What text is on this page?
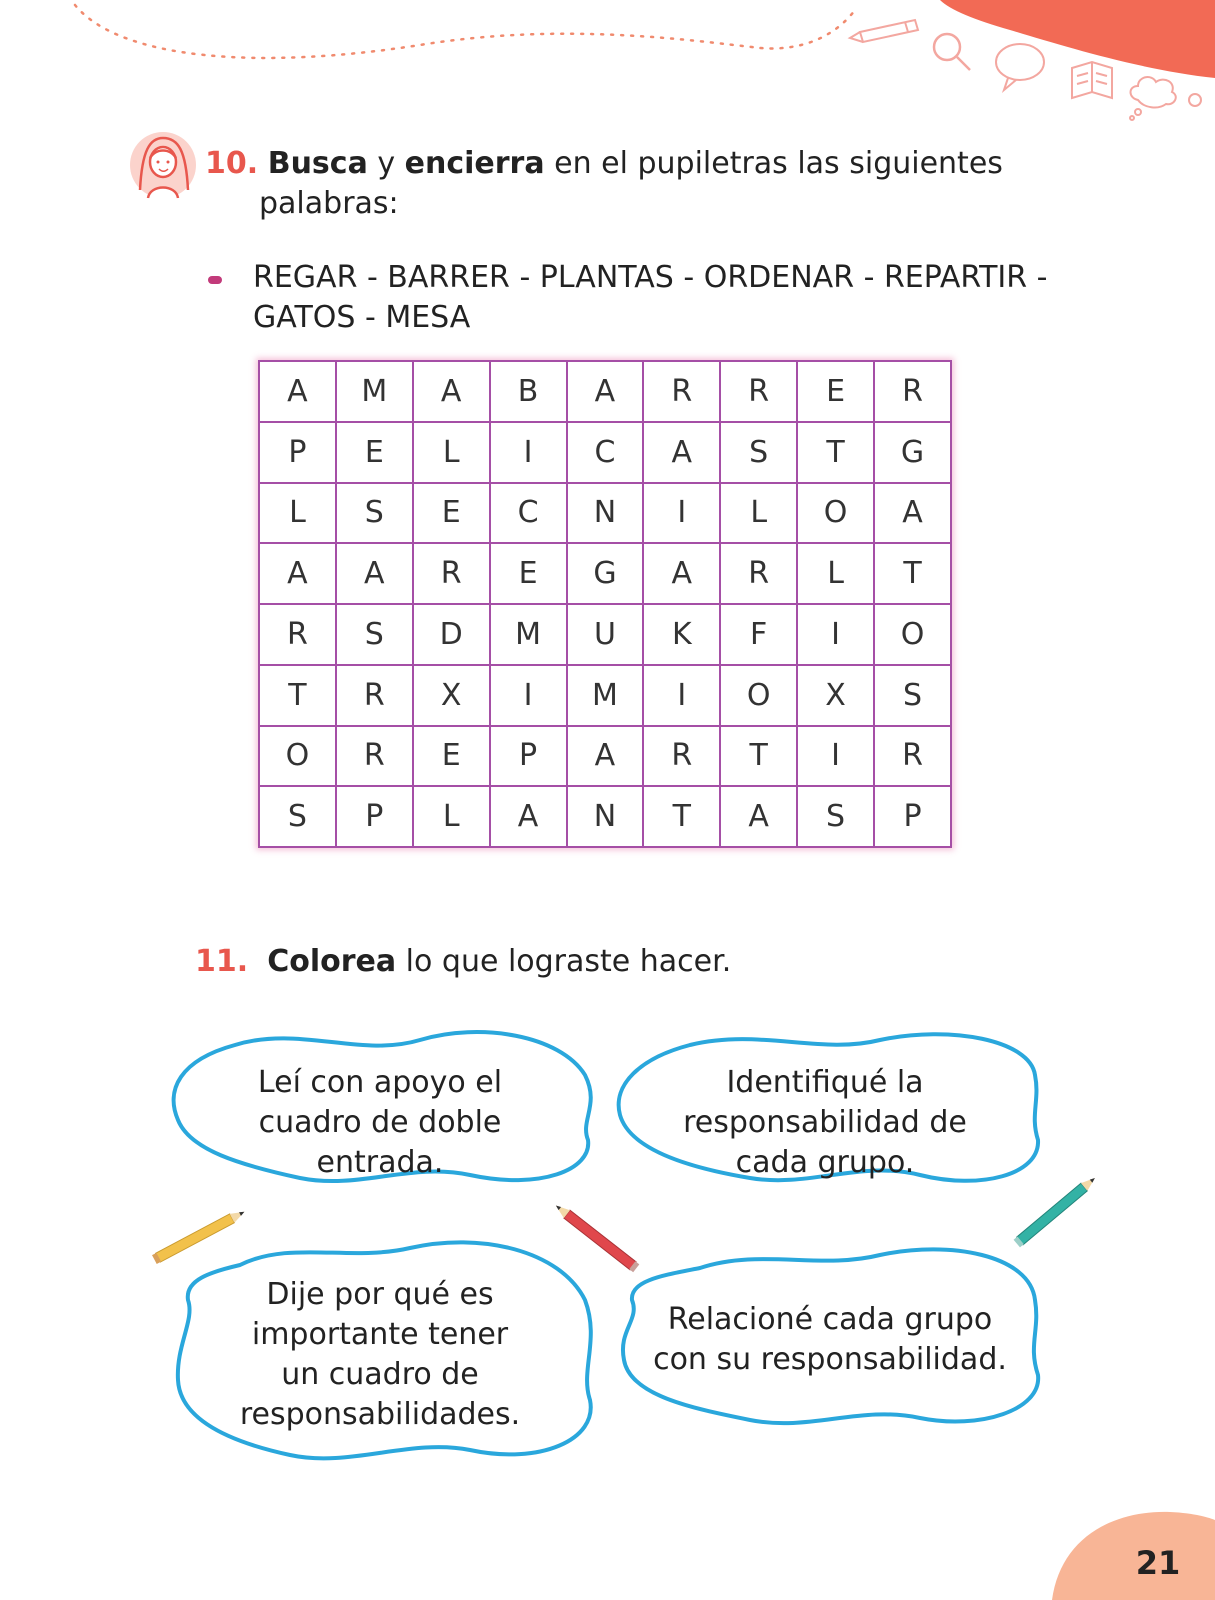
10. Busca y encierra en el pupiletras las siguientes
palabras:
REGAR - BARRER - PLANTAS - ORDENAR - REPARTIR -
GATOS - MESA
A	M	A	B	A	R	R	E	R
P	E	L	I	C	A	S	T	G
L	S	E	C	N	I	L	O	A
A	A	R	E	G	A	R	L	T
R	S	D	M	U	K	F	I	O
T	R	X	I	M	I	O	X	S
O	R	E	P	A	R	T	I	R
S	P	L	A	N	T	A	S	P
11. Colorea lo que lograste hacer.
Leí con apoyo el
cuadro de doble
entrada.
Identifiqué la
responsabilidad de
cada grupo.
Dije por qué es
importante tener
un cuadro de
responsabilidades.
Relacioné cada grupo
con su responsabilidad.
21
